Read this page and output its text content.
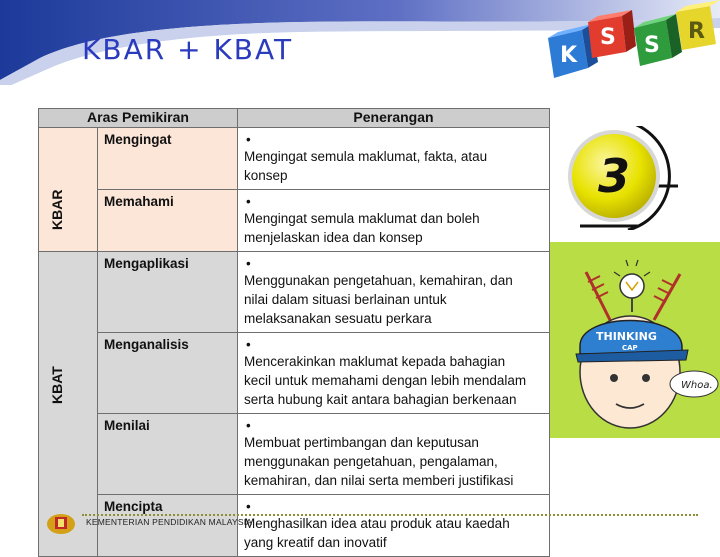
KBAR + KBAT	K
S S
R
Aras Pemikiran		Penerangan

KBAR	Mengingat	•Mengingat semula maklumat, fakta, atau konsep
	Memahami	•Mengingat semula maklumat dan boleh menjelaskan idea dan konsep

KBAT	Mengaplikasi	•Menggunakan pengetahuan, kemahiran, dan nilai dalam situasi berlainan untuk melaksanakan sesuatu perkara
	Menganalisis	•Mencerakinkan maklumat kepada bahagian kecil untuk memahami dengan lebih mendalam serta hubung kait antara bahagian berkenaan
	Menilai	•Membuat pertimbangan dan keputusan menggunakan pengetahuan, pengalaman, kemahiran, dan nilai serta memberi justifikasi
	Mencipta	•Menghasilkan idea atau produk atau kaedah yang kreatif dan inovatif
3
THINKING
CAP
Whoa.
KEMENTERIAN PENDIDIKAN MALAYSIA
